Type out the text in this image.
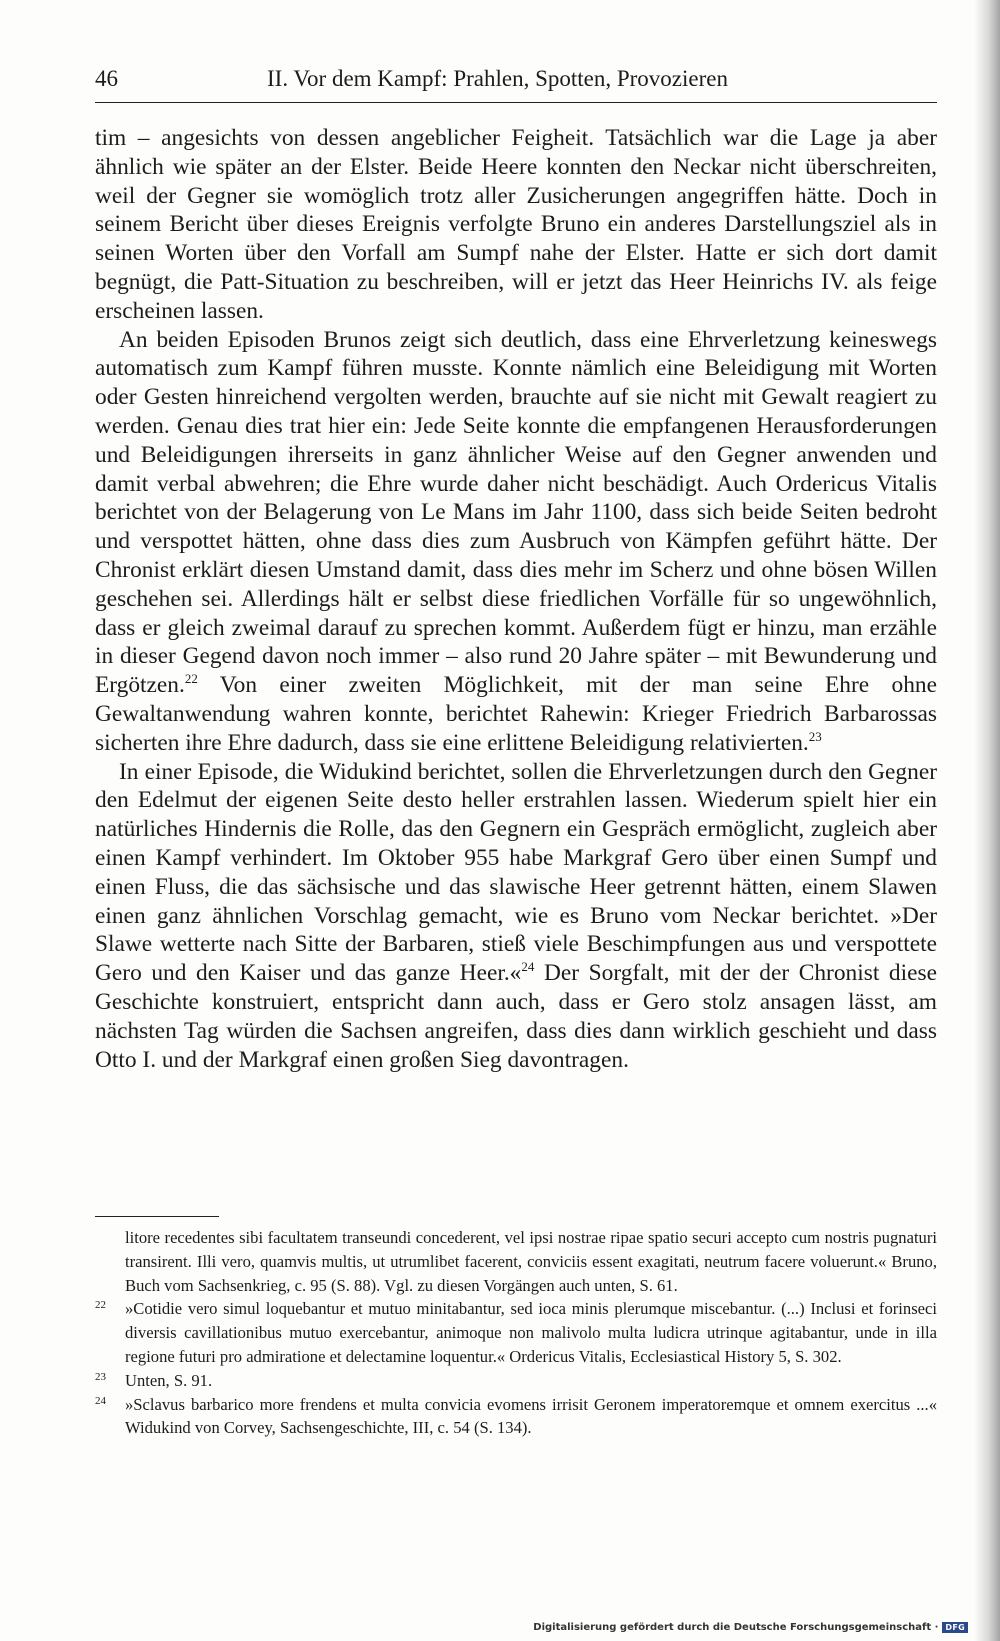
46	II. Vor dem Kampf: Prahlen, Spotten, Provozieren

tim – angesichts von dessen angeblicher Feigheit. Tatsächlich war die Lage ja aber ähnlich wie später an der Elster. Beide Heere konnten den Neckar nicht überschreiten, weil der Gegner sie womöglich trotz aller Zusicherungen angegriffen hätte. Doch in seinem Bericht über dieses Ereignis verfolgte Bruno ein anderes Darstellungsziel als in seinen Worten über den Vorfall am Sumpf nahe der Elster. Hatte er sich dort damit begnügt, die Patt-Situation zu beschreiben, will er jetzt das Heer Heinrichs IV. als feige erscheinen lassen.

An beiden Episoden Brunos zeigt sich deutlich, dass eine Ehrverletzung keineswegs automatisch zum Kampf führen musste. Konnte nämlich eine Beleidigung mit Worten oder Gesten hinreichend vergolten werden, brauchte auf sie nicht mit Gewalt reagiert zu werden. Genau dies trat hier ein: Jede Seite konnte die empfangenen Herausforderungen und Beleidigungen ihrerseits in ganz ähnlicher Weise auf den Gegner anwenden und damit verbal abwehren; die Ehre wurde daher nicht beschädigt. Auch Ordericus Vitalis berichtet von der Belagerung von Le Mans im Jahr 1100, dass sich beide Seiten bedroht und verspottet hätten, ohne dass dies zum Ausbruch von Kämpfen geführt hätte. Der Chronist erklärt diesen Umstand damit, dass dies mehr im Scherz und ohne bösen Willen geschehen sei. Allerdings hält er selbst diese friedlichen Vorfälle für so ungewöhnlich, dass er gleich zweimal darauf zu sprechen kommt. Außerdem fügt er hinzu, man erzähle in dieser Gegend davon noch immer – also rund 20 Jahre später – mit Bewunderung und Ergötzen.$^{22}$ Von einer zweiten Möglichkeit, mit der man seine Ehre ohne Gewaltanwendung wahren konnte, berichtet Rahewin: Krieger Friedrich Barbarossas sicherten ihre Ehre dadurch, dass sie eine erlittene Beleidigung relativierten.$^{23}$

In einer Episode, die Widukind berichtet, sollen die Ehrverletzungen durch den Gegner den Edelmut der eigenen Seite desto heller erstrahlen lassen. Wiederum spielt hier ein natürliches Hindernis die Rolle, das den Gegnern ein Gespräch ermöglicht, zugleich aber einen Kampf verhindert. Im Oktober 955 habe Markgraf Gero über einen Sumpf und einen Fluss, die das sächsische und das slawische Heer getrennt hätten, einem Slawen einen ganz ähnlichen Vorschlag gemacht, wie es Bruno vom Neckar berichtet. »Der Slawe wetterte nach Sitte der Barbaren, stieß viele Beschimpfungen aus und verspottete Gero und den Kaiser und das ganze Heer.«$^{24}$ Der Sorgfalt, mit der der Chronist diese Geschichte konstruiert, entspricht dann auch, dass er Gero stolz ansagen lässt, am nächsten Tag würden die Sachsen angreifen, dass dies dann wirklich geschieht und dass Otto I. und der Markgraf einen großen Sieg davontragen.

litore recedentes sibi facultatem transeundi concederent, vel ipsi nostrae ripae spatio securi accepto cum nostris pugnaturi transirent. Illi vero, quamvis multis, ut utrumlibet facerent, conviciis essent exagitati, neutrum facere voluerunt.« Bruno, Buch vom Sachsenkrieg, c. 95 (S. 88). Vgl. zu diesen Vorgängen auch unten, S. 61.
22 »Cotidie vero simul loquebantur et mutuo minitabantur, sed ioca minis plerumque miscebantur. (...) Inclusi et forinseci diversis cavillationibus mutuo exercebantur, animoque non malivolo multa ludicra utrinque agitabantur, unde in illa regione futuri pro admiratione et delectamine loquentur.« Ordericus Vitalis, Ecclesiastical History 5, S. 302.
23 Unten, S. 91.
24 »Sclavus barbarico more frendens et multa convicia evomens irrisit Geronem imperatoremque et omnem exercitus ...« Widukind von Corvey, Sachsengeschichte, III, c. 54 (S. 134).
Digitalisierung gefördert durch die Deutsche Forschungsgemeinschaft · DFG
